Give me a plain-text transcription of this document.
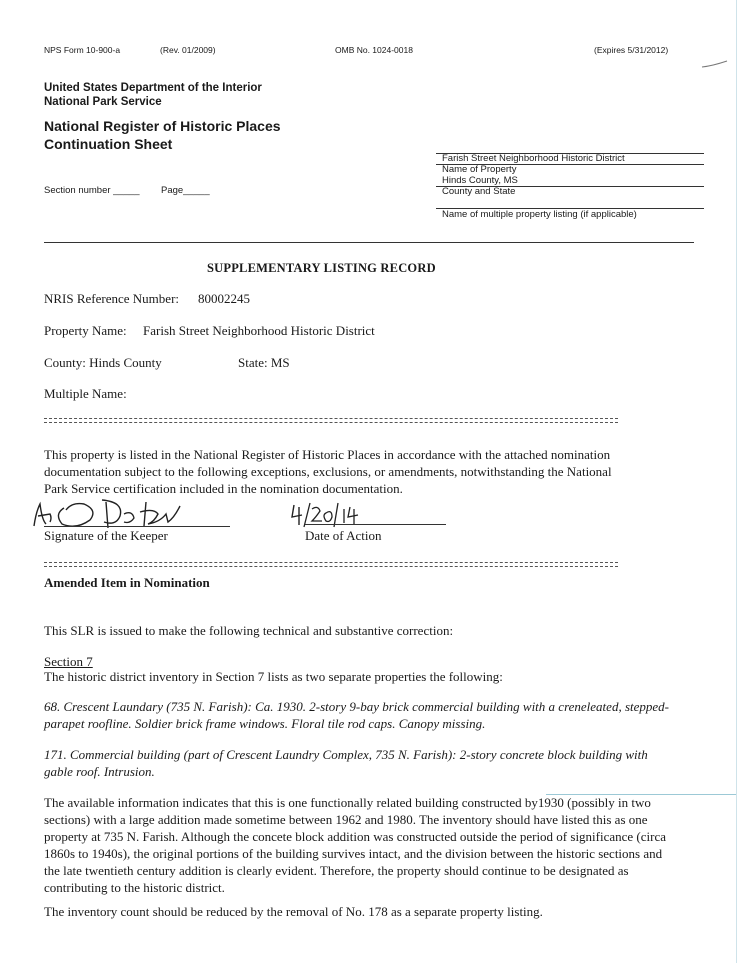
NPS Form 10-900-a	(Rev. 01/2009)	OMB No. 1024-0018	(Expires 5/31/2012)
United States Department of the Interior
National Park Service
National Register of Historic Places
Continuation Sheet
Farish Street Neighborhood Historic District
Name of Property
Hinds County, MS
County and State
Name of multiple property listing (if applicable)
Section number _____ Page_____
SUPPLEMENTARY LISTING RECORD
NRIS Reference Number: 80002245
Property Name: Farish Street Neighborhood Historic District
County: Hinds County	State: MS
Multiple Name:
This property is listed in the National Register of Historic Places in accordance with the attached nomination
documentation subject to the following exceptions, exclusions, or amendments, notwithstanding the National
Park Service certification included in the nomination documentation.
Signature of the Keeper	Date of Action
Amended Item in Nomination
This SLR is issued to make the following technical and substantive correction:
Section 7
The historic district inventory in Section 7 lists as two separate properties the following:
68. Crescent Laundary (735 N. Farish): Ca. 1930. 2-story 9-bay brick commercial building with a creneleated, stepped-
parapet roofline. Soldier brick frame windows. Floral tile rod caps. Canopy missing.
171. Commercial building (part of Crescent Laundry Complex, 735 N. Farish): 2-story concrete block building with
gable roof. Intrusion.
The available information indicates that this is one functionally related building constructed by1930 (possibly in two
sections) with a large addition made sometime between 1962 and 1980. The inventory should have listed this as one
property at 735 N. Farish. Although the concete block addition was constructed outside the period of significance (circa
1860s to 1940s), the original portions of the building survives intact, and the division between the historic sections and
the late twentieth century addition is clearly evident. Therefore, the property should continue to be designated as
contributing to the historic district.
The inventory count should be reduced by the removal of No. 178 as a separate property listing.
